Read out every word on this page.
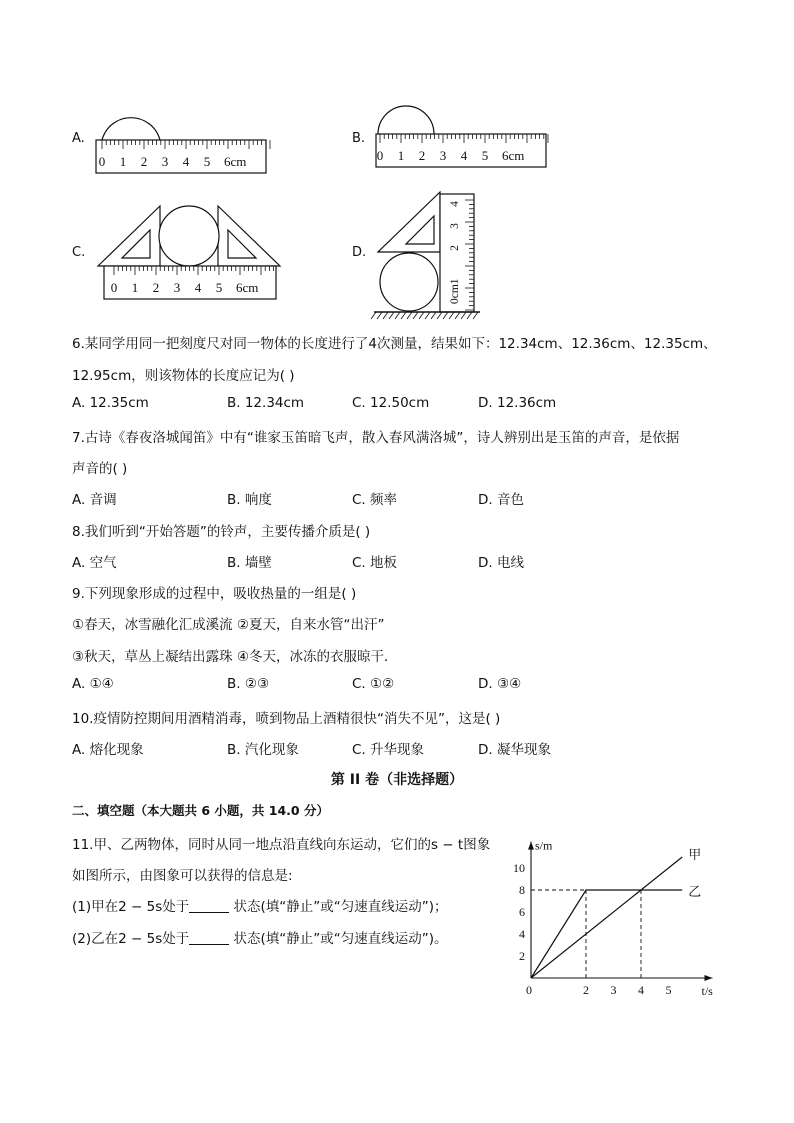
A.
0 1 2 3 4 5 6cm
B.
0 1 2 3 4 5 6cm
C.
0 1 2 3 4 5 6cm
D.
0cm1
2
3
4
6.某同学用同一把刻度尺对同一物体的长度进行了4次测量，结果如下：12.34cm、12.36cm、12.35cm、
12.95cm，则该物体的长度应记为( )
A. 12.35cm	B. 12.34cm	C. 12.50cm	D. 12.36cm
7.古诗《春夜洛城闻笛》中有“谁家玉笛暗飞声，散入春风满洛城”，诗人辨别出是玉笛的声音，是依据
声音的( )
A. 音调	B. 响度	C. 频率	D. 音色
8.我们听到“开始答题”的铃声，主要传播介质是( )
A. 空气	B. 墙壁	C. 地板	D. 电线
9.下列现象形成的过程中，吸收热量的一组是( )
①春天，冰雪融化汇成溪流 ②夏天，自来水管“出汗”
③秋天，草丛上凝结出露珠 ④冬天，冰冻的衣服晾干．
A. ①④	B. ②③	C. ①②	D. ③④
10.疫情防控期间用酒精消毒，喷到物品上酒精很快“消失不见”，这是( )
A. 熔化现象	B. 汽化现象	C. 升华现象	D. 凝华现象
第 II 卷（非选择题）
二、填空题（本大题共 6 小题，共 14.0 分）
11.甲、乙两物体，同时从同一地点沿直线向东运动，它们的s − t图象
如图所示，由图象可以获得的信息是:
(1)甲在2 − 5s处于	状态(填“静止”或“匀速直线运动”)；
(2)乙在2 − 5s处于	状态(填“静止”或“匀速直线运动”)。
s/m
t/s
0	2 3 4 5
2
4
6
8
10
甲
乙
